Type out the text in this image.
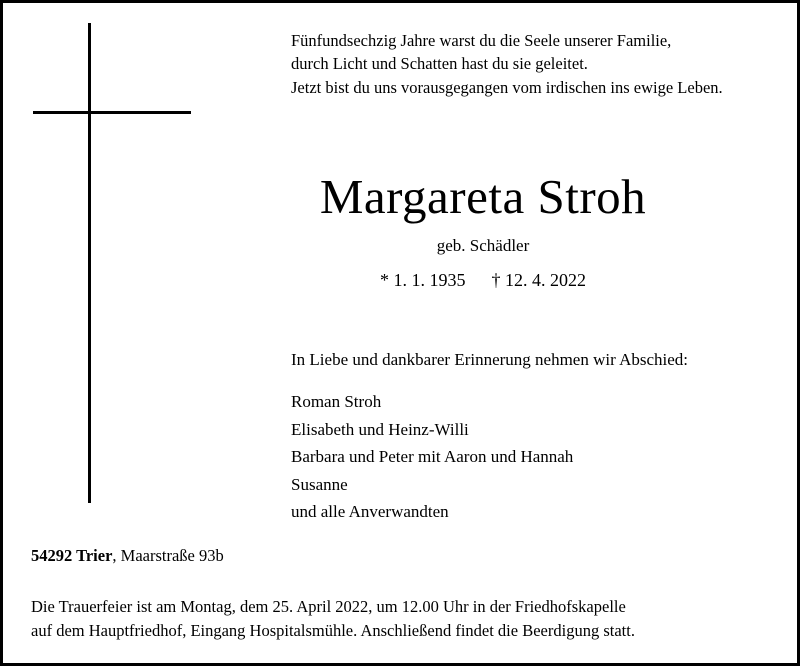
Fünfundsechzig Jahre warst du die Seele unserer Familie,
durch Licht und Schatten hast du sie geleitet.
Jetzt bist du uns vorausgegangen vom irdischen ins ewige Leben.
Margareta Stroh
geb. Schädler
* 1. 1. 1935 † 12. 4. 2022
In Liebe und dankbarer Erinnerung nehmen wir Abschied:
Roman Stroh
Elisabeth und Heinz-Willi
Barbara und Peter mit Aaron und Hannah
Susanne
und alle Anverwandten
54292 Trier, Maarstraße 93b
Die Trauerfeier ist am Montag, dem 25. April 2022, um 12.00 Uhr in der Friedhofskapelle
auf dem Hauptfriedhof, Eingang Hospitalsmühle. Anschließend findet die Beerdigung statt.
